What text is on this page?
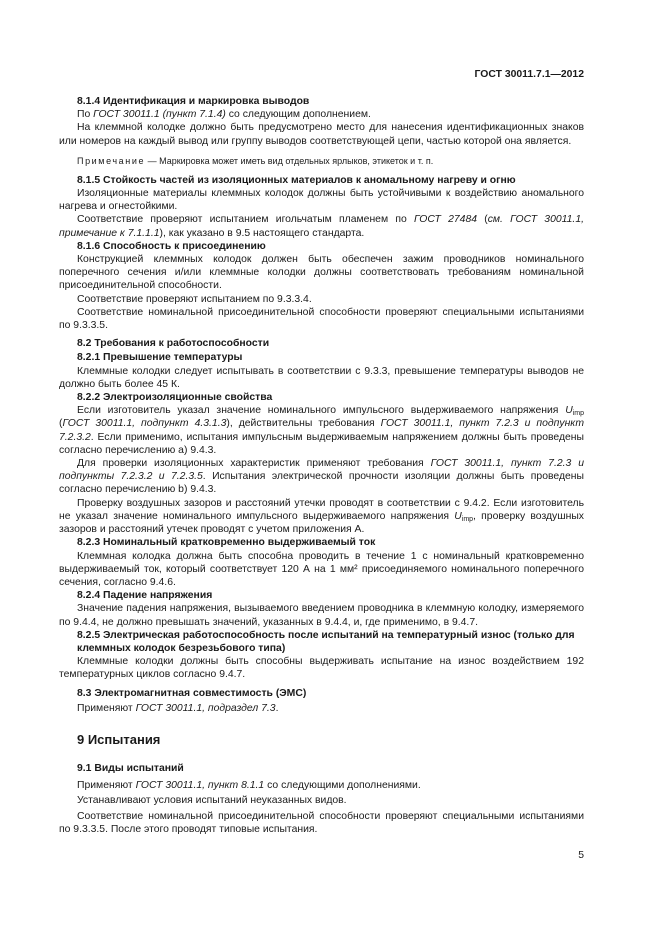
ГОСТ 30011.7.1—2012
8.1.4 Идентификация и маркировка выводов

По ГОСТ 30011.1 (пункт 7.1.4) со следующим дополнением.

На клеммной колодке должно быть предусмотрено место для нанесения идентификационных знаков или номеров на каждый вывод или группу выводов соответствующей цепи, частью которой она является.

Примечание — Маркировка может иметь вид отдельных ярлыков, этикеток и т. п.

8.1.5 Стойкость частей из изоляционных материалов к аномальному нагреву и огню

Изоляционные материалы клеммных колодок должны быть устойчивыми к воздействию аномального нагрева и огнестойкими.

Соответствие проверяют испытанием игольчатым пламенем по ГОСТ 27484 (см. ГОСТ 30011.1, примечание к 7.1.1.1), как указано в 9.5 настоящего стандарта.

8.1.6 Способность к присоединению

Конструкцией клеммных колодок должен быть обеспечен зажим проводников номинального поперечного сечения и/или клеммные колодки должны соответствовать требованиям номинальной присоединительной способности.

Соответствие проверяют испытанием по 9.3.3.4.

Соответствие номинальной присоединительной способности проверяют специальными испытаниями по 9.3.3.5.

8.2 Требования к работоспособности
8.2.1 Превышение температуры

Клеммные колодки следует испытывать в соответствии с 9.3.3, превышение температуры выводов не должно быть более 45 К.

8.2.2 Электроизоляционные свойства

Если изготовитель указал значение номинального импульсного выдерживаемого напряжения $U_{imp}$ (ГОСТ 30011.1, подпункт 4.3.1.3), действительны требования ГОСТ 30011.1, пункт 7.2.3 и подпункт 7.2.3.2. Если применимо, испытания импульсным выдерживаемым напряжением должны быть проведены согласно перечислению а) 9.4.3.

Для проверки изоляционных характеристик применяют требования ГОСТ 30011.1, пункт 7.2.3 и подпункты 7.2.3.2 и 7.2.3.5. Испытания электрической прочности изоляции должны быть проведены согласно перечислению b) 9.4.3.

Проверку воздушных зазоров и расстояний утечки проводят в соответствии с 9.4.2. Если изготовитель не указал значение номинального импульсного выдерживаемого напряжения $U_{imp}$, проверку воздушных зазоров и расстояний утечек проводят с учетом приложения А.

8.2.3 Номинальный кратковременно выдерживаемый ток

Клеммная колодка должна быть способна проводить в течение 1 с номинальный кратковременно выдерживаемый ток, который соответствует 120 А на 1 мм² присоединяемого номинального поперечного сечения, согласно 9.4.6.

8.2.4 Падение напряжения

Значение падения напряжения, вызываемого введением проводника в клеммную колодку, измеряемого по 9.4.4, не должно превышать значений, указанных в 9.4.4, и, где применимо, в 9.4.7.

8.2.5 Электрическая работоспособность после испытаний на температурный износ (только для клеммных колодок безрезьбового типа)

Клеммные колодки должны быть способны выдерживать испытание на износ воздействием 192 температурных циклов согласно 9.4.7.

8.3 Электромагнитная совместимость (ЭМС)

Применяют ГОСТ 30011.1, подраздел 7.3.

9 Испытания
9.1 Виды испытаний

Применяют ГОСТ 30011.1, пункт 8.1.1 со следующими дополнениями.

Устанавливают условия испытаний неуказанных видов.

Соответствие номинальной присоединительной способности проверяют специальными испытаниями по 9.3.3.5. После этого проводят типовые испытания.

5
